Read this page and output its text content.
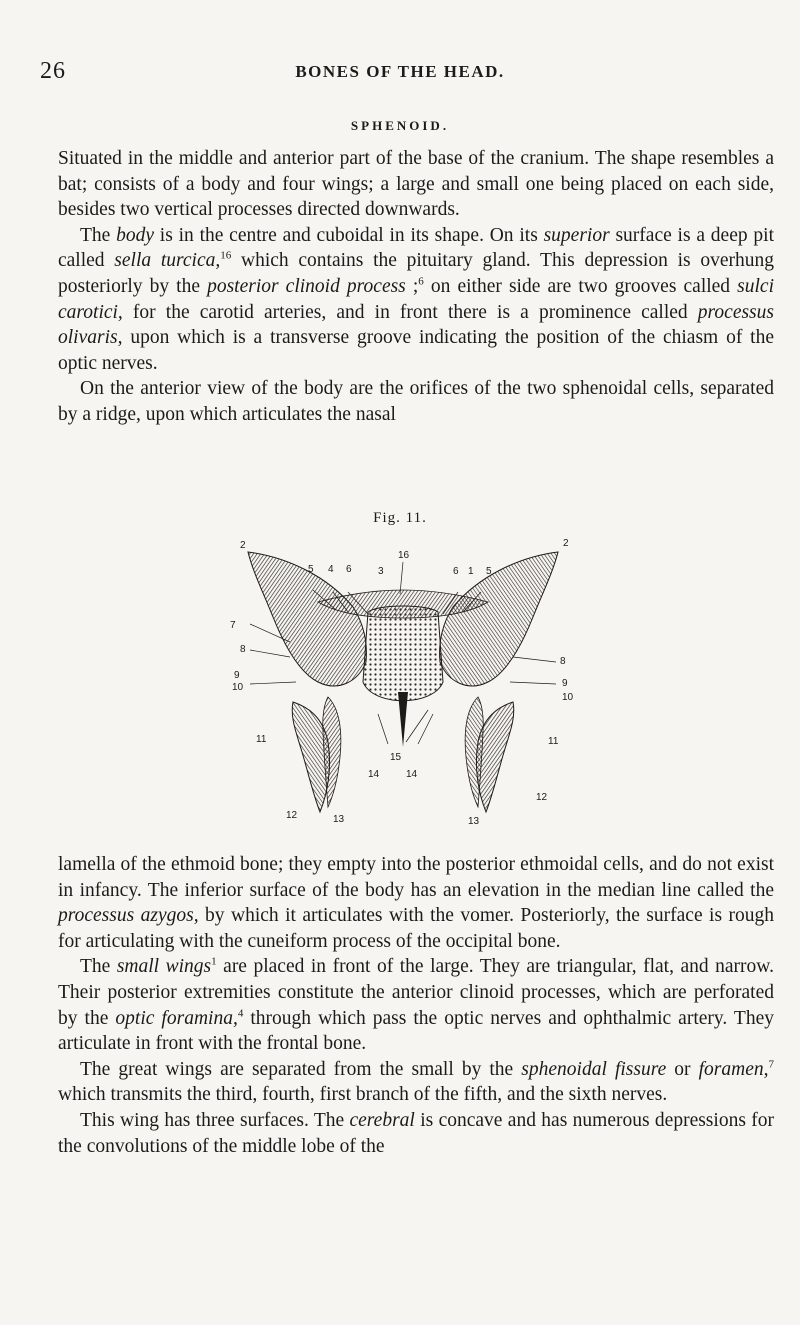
26	BONES OF THE HEAD.
SPHENOID.

Situated in the middle and anterior part of the base of the cranium. The shape resembles a bat; consists of a body and four wings; a large and small one being placed on each side, besides two vertical processes directed downwards.

The body is in the centre and cuboidal in its shape. On its superior surface is a deep pit called sella turcica,$^{16}$ which contains the pituitary gland. This depression is overhung posteriorly by the posterior clinoid process ;$^6$ on either side are two grooves called sulci carotici, for the carotid arteries, and in front there is a prominence called processus olivaris, upon which is a transverse groove indicating the position of the chiasm of the optic nerves.

On the anterior view of the body are the orifices of the two sphenoidal cells, separated by a ridge, upon which articulates the nasal

Fig. 11.
2	2
16
5 4 6	3	6 1 5
7
8
8
9
9
10
10
11	11
15
14	14
12
12
13	13

lamella of the ethmoid bone; they empty into the posterior ethmoidal cells, and do not exist in infancy. The inferior surface of the body has an elevation in the median line called the processus azygos, by which it articulates with the vomer. Posteriorly, the surface is rough for articulating with the cuneiform process of the occipital bone.

The small wings$^1$ are placed in front of the large. They are triangular, flat, and narrow. Their posterior extremities constitute the anterior clinoid processes, which are perforated by the optic foramina,$^4$ through which pass the optic nerves and ophthalmic artery. They articulate in front with the frontal bone.

The great wings are separated from the small by the sphenoidal fissure or foramen,$^7$ which transmits the third, fourth, first branch of the fifth, and the sixth nerves.

This wing has three surfaces. The cerebral is concave and has numerous depressions for the convolutions of the middle lobe of the
